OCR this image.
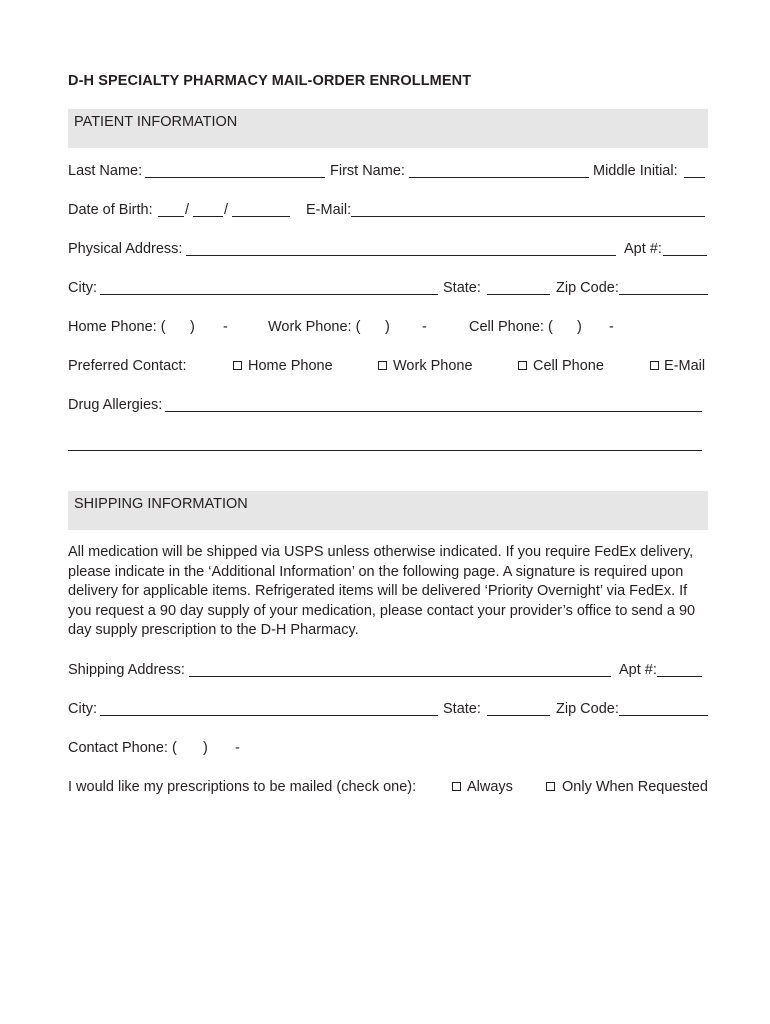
D-H SPECIALTY PHARMACY MAIL-ORDER ENROLLMENT
PATIENT INFORMATION
Last Name:	First Name:	Middle Initial:
Date of Birth: / /	E-Mail:
Physical Address:	Apt #:
City:	State:	Zip Code:
Home Phone: ( ) -	Work Phone: ( ) -	Cell Phone: ( ) -
Preferred Contact:	Home Phone	Work Phone	Cell Phone	E-Mail
Drug Allergies:
SHIPPING INFORMATION

All medication will be shipped via USPS unless otherwise indicated. If you require FedEx delivery,

please indicate in the ‘Additional Information’ on the following page. A signature is required upon

delivery for applicable items. Refrigerated items will be delivered ‘Priority Overnight’ via FedEx. If

you request a 90 day supply of your medication, please contact your provider’s office to send a 90

day supply prescription to the D-H Pharmacy.

Shipping Address:	Apt #:
City:	State:	Zip Code:
Contact Phone: ( ) -
I would like my prescriptions to be mailed (check one):	Always	Only When Requested
